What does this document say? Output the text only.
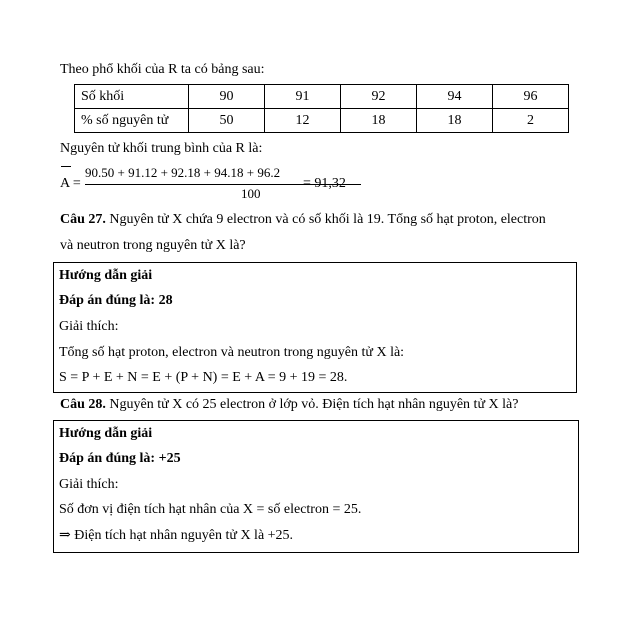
Theo phổ khối của R ta có bảng sau:
Số khối	90	91	92	94	96
% số nguyên tử	50	12	18	18	2
Nguyên tử khối trung bình của R là:
A =
90.50 + 91.12 + 92.18 + 94.18 + 96.2
100
= 91,32
Câu 27. Nguyên tử X chứa 9 electron và có số khối là 19. Tổng số hạt proton, electron
và neutron trong nguyên tử X là?
Hướng dẫn giải
Đáp án đúng là: 28
Giải thích:
Tổng số hạt proton, electron và neutron trong nguyên tử X là:
S = P + E + N = E + (P + N) = E + A = 9 + 19 = 28.
Câu 28. Nguyên tử X có 25 electron ở lớp vỏ. Điện tích hạt nhân nguyên tử X là?
Hướng dẫn giải
Đáp án đúng là: +25
Giải thích:
Số đơn vị điện tích hạt nhân của X = số electron = 25.
⇒ Điện tích hạt nhân nguyên tử X là +25.
